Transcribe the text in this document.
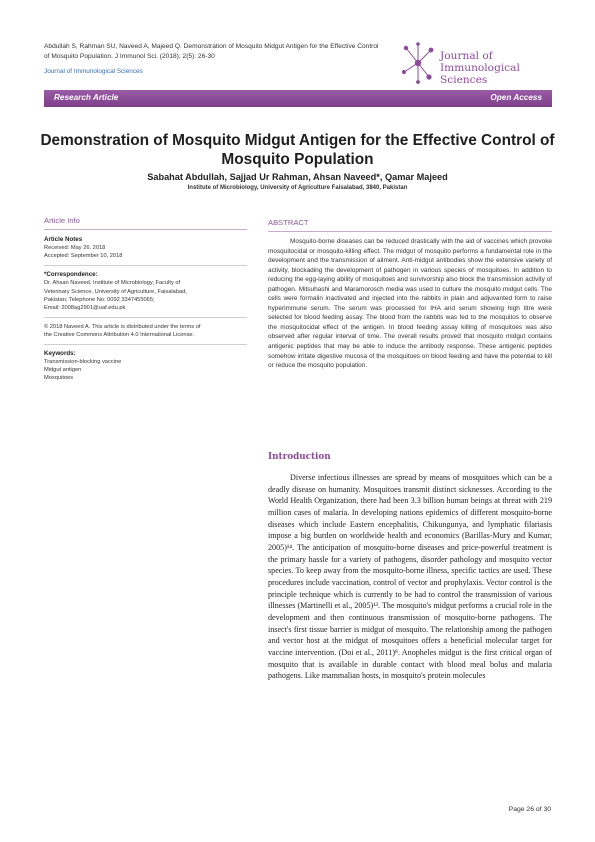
Abdullah S, Rahman SU, Naveed A, Majeed Q. Demonstration of Mosquito Midgut Antigen for the Effective Control of Mosquito Population. J Immunol Sci. (2018); 2(5): 26-30
Journal of Immunological Sciences
Journal of
Immunological Sciences
Research Article	Open Access
Demonstration of Mosquito Midgut Antigen for the Effective Control of Mosquito Population
Sabahat Abdullah, Sajjad Ur Rahman, Ahsan Naveed*, Qamar Majeed
Institute of Microbiology, University of Agriculture Faisalabad, 3840, Pakistan
Article Info
Article Notes
Received: May 26, 2018
Accepted: September 10, 2018
*Correspondence:
Dr. Ahsan Naveed, Institute of Microbiology, Faculty of
Veterinary Science, University of Agriculture, Faisalabad,
Pakistan; Telephone No: 0092 3347455065;
Email: 2008ag2901@uaf.edu.pk
© 2018 Naveed A. This article is distributed under the terms of
the Creative Commons Attribution 4.0 International License.
Keywords:
Transmission-blocking vaccine
Midgut antigen
Mosquitoes
ABSTRACT

Mosquito-borne diseases can be reduced drastically with the aid of vaccines which provoke mosquitocidal or mosquito-killing effect. The midgut of mosquito performs a fundamental role in the development and the transmission of ailment. Anti-midgut antibodies show the extensive variety of activity, blockading the development of pathogen in various species of mosquitoes. In addition to reducing the egg-laying ability of mosquitoes and survivorship also block the transmission activity of pathogen. Mitsuhashi and Maramorosch media was used to culture the mosquito midgut cells. The cells were formalin inactivated and injected into the rabbits in plain and adjuvanted form to raise hyperimmune serum. The serum was processed for IHA and serum showing high titre were selected for blood feeding assay. The blood from the rabbits was fed to the mosquitos to observe the mosquitocidal effect of the antigen. In blood feeding assay killing of mosquitoes was also observed after regular interval of time. The overall results proved that mosquito midgut contains antigenic peptides that may be able to induce the antibody response. These antigenic peptides somehow irritate digestive mucosa of the mosquitoes on blood feeding and have the potential to kill or reduce the mosquito population.

Introduction

Diverse infectious illnesses are spread by means of mosquitoes which can be a deadly disease on humanity. Mosquitoes transmit distinct sicknesses. According to the World Health Organization, there had been 3.3 billion human beings at threat with 219 million cases of malaria. In developing nations epidemics of different mosquito-borne diseases which include Eastern encephalitis, Chikungunya, and lymphatic filariasis impose a big burden on worldwide health and economics (Barillas-Mury and Kumar, 2005)¹⁴. The anticipation of mosquito-borne diseases and price-powerful treatment is the primary hassle for a variety of pathogens, disorder pathology and mosquito vector species. To keep away from the mosquito-borne illness, specific tactics are used. These procedures include vaccination, control of vector and prophylaxis. Vector control is the principle technique which is currently to be had to control the transmission of various illnesses (Martinelli et al., 2005)¹³. The mosquito's midgut performs a crucial role in the development and then continuous transmission of mosquito-borne pathogens. The insect's first tissue barrier is midgut of mosquito. The relationship among the pathogen and vector host at the midgut of mosquitoes offers a beneficial molecular target for vaccine intervention. (Doi et al., 2011)⁸. Anopheles midgut is the first critical organ of mosquito that is available in durable contact with blood meal bolus and malaria pathogens. Like mammalian hosts, in mosquito's protein molecules

Page 26 of 30
